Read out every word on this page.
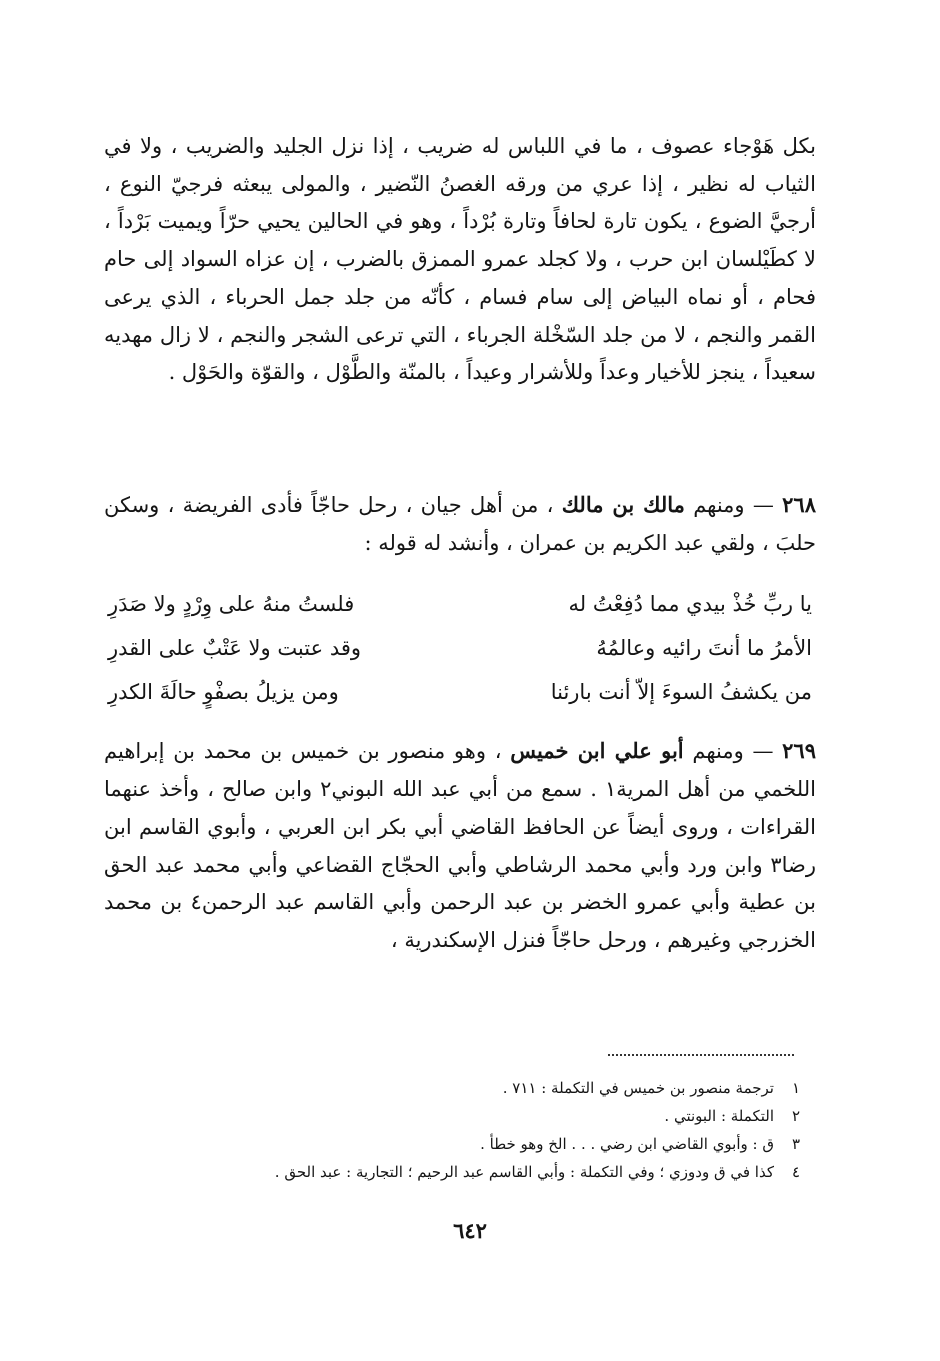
بكل هَوْجاء عصوف ، ما في اللباس له ضريب ، إذا نزل الجليد والضريب ، ولا في الثياب له نظير ، إذا عري من ورقه الغصنُ النّضير ، والمولى يبعثه فرجيّ النوع ، أرجيَّ الضوع ، يكون تارة لحافاً وتارة بُرْداً ، وهو في الحالين يحيي حرّاً ويميت بَرْداً ، لا كطَيْلسان ابن حرب ، ولا كجلد عمرو الممزق بالضرب ، إن عزاه السواد إلى حام فحام ، أو نماه البياض إلى سام فسام ، كأنّه من جلد جمل الحرباء ، الذي يرعى القمر والنجم ، لا من جلد السّخْلة الجرباء ، التي ترعى الشجر والنجم ، لا زال مهديه سعيداً ، ينجز للأخيار وعداً وللأشرار وعيداً ، بالمنّة والطَّوْل ، والقوّة والحَوْل .

٢٦٨ — ومنهم مالك بن مالك ، من أهل جيان ، رحل حاجّاً فأدى الفريضة ، وسكن حلبَ ، ولقي عبد الكريم بن عمران ، وأنشد له قوله :

يا ربِّ خُذْ بيدي مما دُفِعْتُ له
فلستُ منهُ على وِرْدٍ ولا صَدَرِ
الأمرُ ما أنتَ رائيه وعالمُهُ
وقد عتبت ولا عَتْبٌ على القدرِ
من يكشفُ السوءَ إلاّ أنت بارئنا
ومن يزيلُ بصفْوٍ حالَةَ الكدرِ

٢٦٩ — ومنهم أبو علي ابن خميس ، وهو منصور بن خميس بن محمد بن إبراهيم اللخمي من أهل المرية١ . سمع من أبي عبد الله البوني٢ وابن صالح ، وأخذ عنهما القراءات ، وروى أيضاً عن الحافظ القاضي أبي بكر ابن العربي ، وأبوي القاسم ابن رضا٣ وابن ورد وأبي محمد الرشاطي وأبي الحجّاج القضاعي وأبي محمد عبد الحق بن عطية وأبي عمرو الخضر بن عبد الرحمن وأبي القاسم عبد الرحمن٤ بن محمد الخزرجي وغيرهم ، ورحل حاجّاً فنزل الإسكندرية ،

١ترجمة منصور بن خميس في التكملة : ٧١١ .
٢التكملة : البونتي .
٣ق : وأبوي القاضي ابن رضي . . . الخ وهو خطأ .
٤كذا في ق ودوزي ؛ وفي التكملة : وأبي القاسم عبد الرحيم ؛ التجارية : عبد الحق .
٦٤٢
